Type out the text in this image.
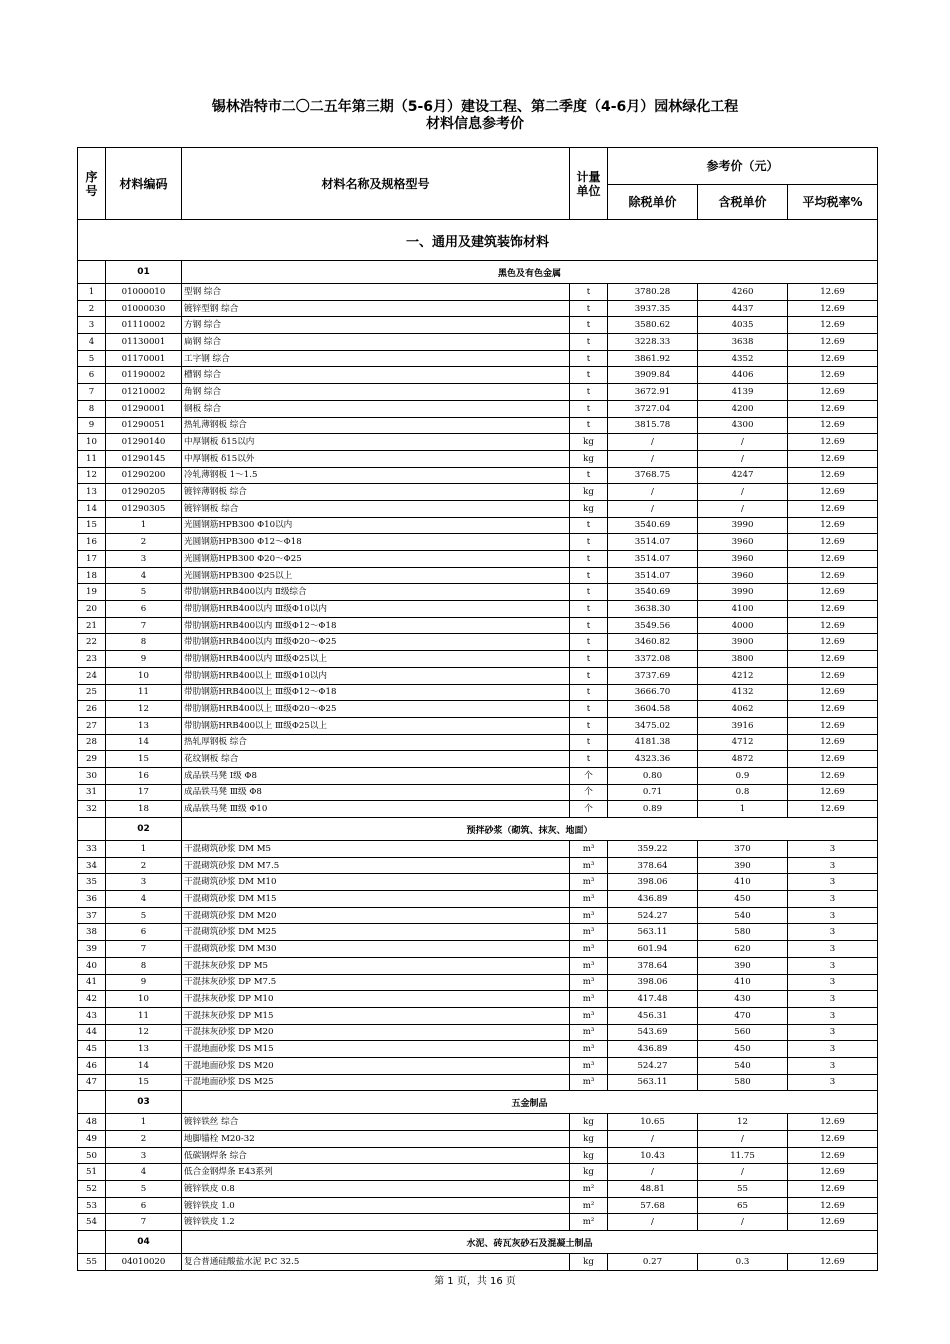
锡林浩特市二〇二五年第三期（5-6月）建设工程、第二季度（4-6月）园林绿化工程
材料信息参考价
序号	材料编码	材料名称及规格型号	计量单位	参考价（元）		
				除税单价	含税单价	平均税率%
一、通用及建筑装饰材料						
	01	黑色及有色金属				
1	01000010	型钢 综合	t	3780.28	4260	12.69
2	01000030	镀锌型钢 综合	t	3937.35	4437	12.69
3	01110002	方钢 综合	t	3580.62	4035	12.69
4	01130001	扁钢 综合	t	3228.33	3638	12.69
5	01170001	工字钢 综合	t	3861.92	4352	12.69
6	01190002	槽钢 综合	t	3909.84	4406	12.69
7	01210002	角钢 综合	t	3672.91	4139	12.69
8	01290001	钢板 综合	t	3727.04	4200	12.69
9	01290051	热轧薄钢板 综合	t	3815.78	4300	12.69
10	01290140	中厚钢板 δ15以内	kg	/	/	12.69
11	01290145	中厚钢板 δ15以外	kg	/	/	12.69
12	01290200	冷轧薄钢板 1～1.5	t	3768.75	4247	12.69
13	01290205	镀锌薄钢板 综合	kg	/	/	12.69
14	01290305	镀锌钢板 综合	kg	/	/	12.69
15	1	光圆钢筋HPB300 Φ10以内	t	3540.69	3990	12.69
16	2	光圆钢筋HPB300 Φ12～Φ18	t	3514.07	3960	12.69
17	3	光圆钢筋HPB300 Φ20～Φ25	t	3514.07	3960	12.69
18	4	光圆钢筋HPB300 Φ25以上	t	3514.07	3960	12.69
19	5	带肋钢筋HRB400以内 Ⅱ级综合	t	3540.69	3990	12.69
20	6	带肋钢筋HRB400以内 Ⅲ级Φ10以内	t	3638.30	4100	12.69
21	7	带肋钢筋HRB400以内 Ⅲ级Φ12～Φ18	t	3549.56	4000	12.69
22	8	带肋钢筋HRB400以内 Ⅲ级Φ20～Φ25	t	3460.82	3900	12.69
23	9	带肋钢筋HRB400以内 Ⅲ级Φ25以上	t	3372.08	3800	12.69
24	10	带肋钢筋HRB400以上 Ⅲ级Φ10以内	t	3737.69	4212	12.69
25	11	带肋钢筋HRB400以上 Ⅲ级Φ12～Φ18	t	3666.70	4132	12.69
26	12	带肋钢筋HRB400以上 Ⅲ级Φ20～Φ25	t	3604.58	4062	12.69
27	13	带肋钢筋HRB400以上 Ⅲ级Φ25以上	t	3475.02	3916	12.69
28	14	热轧厚钢板 综合	t	4181.38	4712	12.69
29	15	花纹钢板 综合	t	4323.36	4872	12.69
30	16	成品铁马凳 Ⅰ级 Φ8	个	0.80	0.9	12.69
31	17	成品铁马凳 Ⅲ级 Φ8	个	0.71	0.8	12.69
32	18	成品铁马凳 Ⅲ级 Φ10	个	0.89	1	12.69
	02	预拌砂浆（砌筑、抹灰、地面）				
33	1	干混砌筑砂浆 DM M5	m³	359.22	370	3
34	2	干混砌筑砂浆 DM M7.5	m³	378.64	390	3
35	3	干混砌筑砂浆 DM M10	m³	398.06	410	3
36	4	干混砌筑砂浆 DM M15	m³	436.89	450	3
37	5	干混砌筑砂浆 DM M20	m³	524.27	540	3
38	6	干混砌筑砂浆 DM M25	m³	563.11	580	3
39	7	干混砌筑砂浆 DM M30	m³	601.94	620	3
40	8	干混抹灰砂浆 DP M5	m³	378.64	390	3
41	9	干混抹灰砂浆 DP M7.5	m³	398.06	410	3
42	10	干混抹灰砂浆 DP M10	m³	417.48	430	3
43	11	干混抹灰砂浆 DP M15	m³	456.31	470	3
44	12	干混抹灰砂浆 DP M20	m³	543.69	560	3
45	13	干混地面砂浆 DS M15	m³	436.89	450	3
46	14	干混地面砂浆 DS M20	m³	524.27	540	3
47	15	干混地面砂浆 DS M25	m³	563.11	580	3
	03	五金制品				
48	1	镀锌铁丝 综合	kg	10.65	12	12.69
49	2	地脚锚栓 M20-32	kg	/	/	12.69
50	3	低碳钢焊条 综合	kg	10.43	11.75	12.69
51	4	低合金钢焊条 E43系列	kg	/	/	12.69
52	5	镀锌铁皮 0.8	m²	48.81	55	12.69
53	6	镀锌铁皮 1.0	m²	57.68	65	12.69
54	7	镀锌铁皮 1.2	m²	/	/	12.69
	04	水泥、砖瓦灰砂石及混凝土制品				
55	04010020	复合普通硅酸盐水泥 P.C 32.5	kg	0.27	0.3	12.69
第 1 页，共 16 页
